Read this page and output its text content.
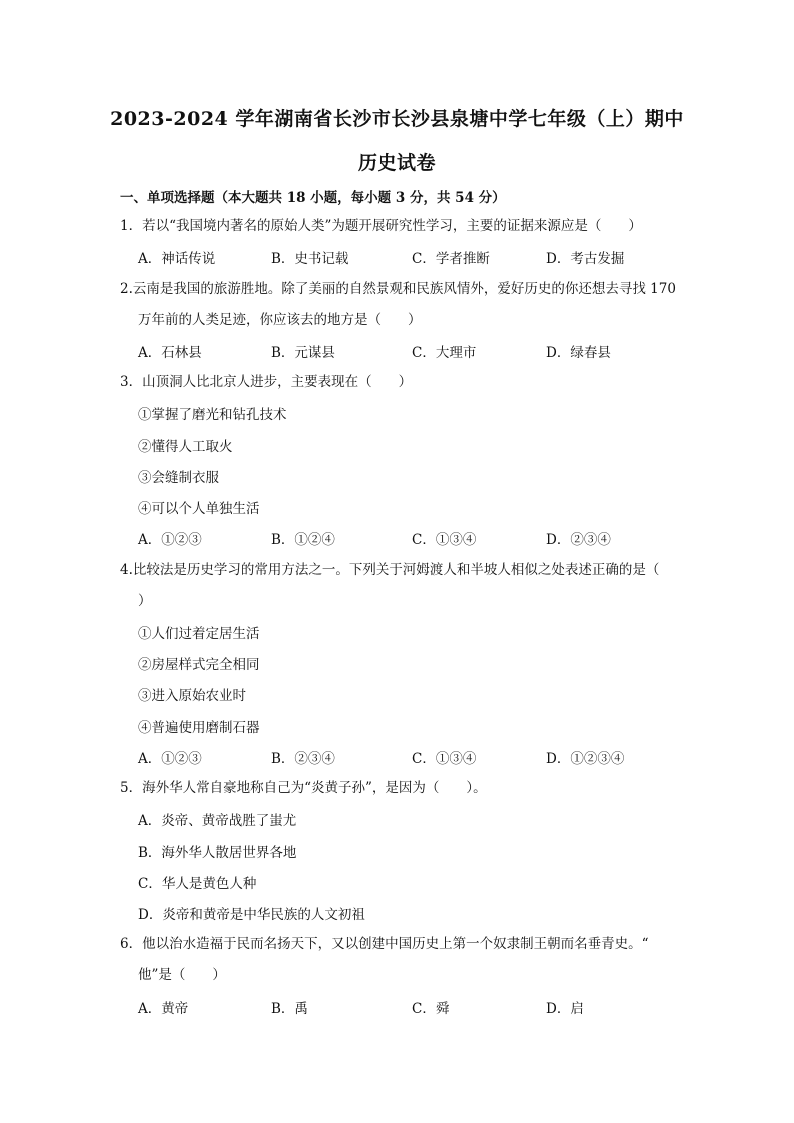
2023-2024 学年湖南省长沙市长沙县泉塘中学七年级（上）期中
历史试卷
一、单项选择题（本大题共 18 小题，每小题 3 分，共 54 分）
1．若以“我国境内著名的原始人类”为题开展研究性学习，主要的证据来源应是（　　）
A．神话传说	B．史书记载	C．学者推断	D．考古发掘
2.云南是我国的旅游胜地。除了美丽的自然景观和民族风情外，爱好历史的你还想去寻找 170
万年前的人类足迹，你应该去的地方是（　　）
A．石林县	B．元谋县	C．大理市	D．绿春县
3．山顶洞人比北京人进步，主要表现在（　　）
①掌握了磨光和钻孔技术
②懂得人工取火
③会缝制衣服
④可以个人单独生活
A．①②③	B．①②④	C．①③④	D．②③④
4.比较法是历史学习的常用方法之一。下列关于河姆渡人和半坡人相似之处表述正确的是（
）
①人们过着定居生活
②房屋样式完全相同
③进入原始农业时
④普遍使用磨制石器
A．①②③	B．②③④	C．①③④	D．①②③④
5．海外华人常自豪地称自己为“炎黄子孙”，是因为（　　）。
A．炎帝、黄帝战胜了蚩尤
B．海外华人散居世界各地
C．华人是黄色人种
D．炎帝和黄帝是中华民族的人文初祖
6．他以治水造福于民而名扬天下，又以创建中国历史上第一个奴隶制王朝而名垂青史。“
他”是（　　）
A．黄帝	B．禹	C．舜	D．启
